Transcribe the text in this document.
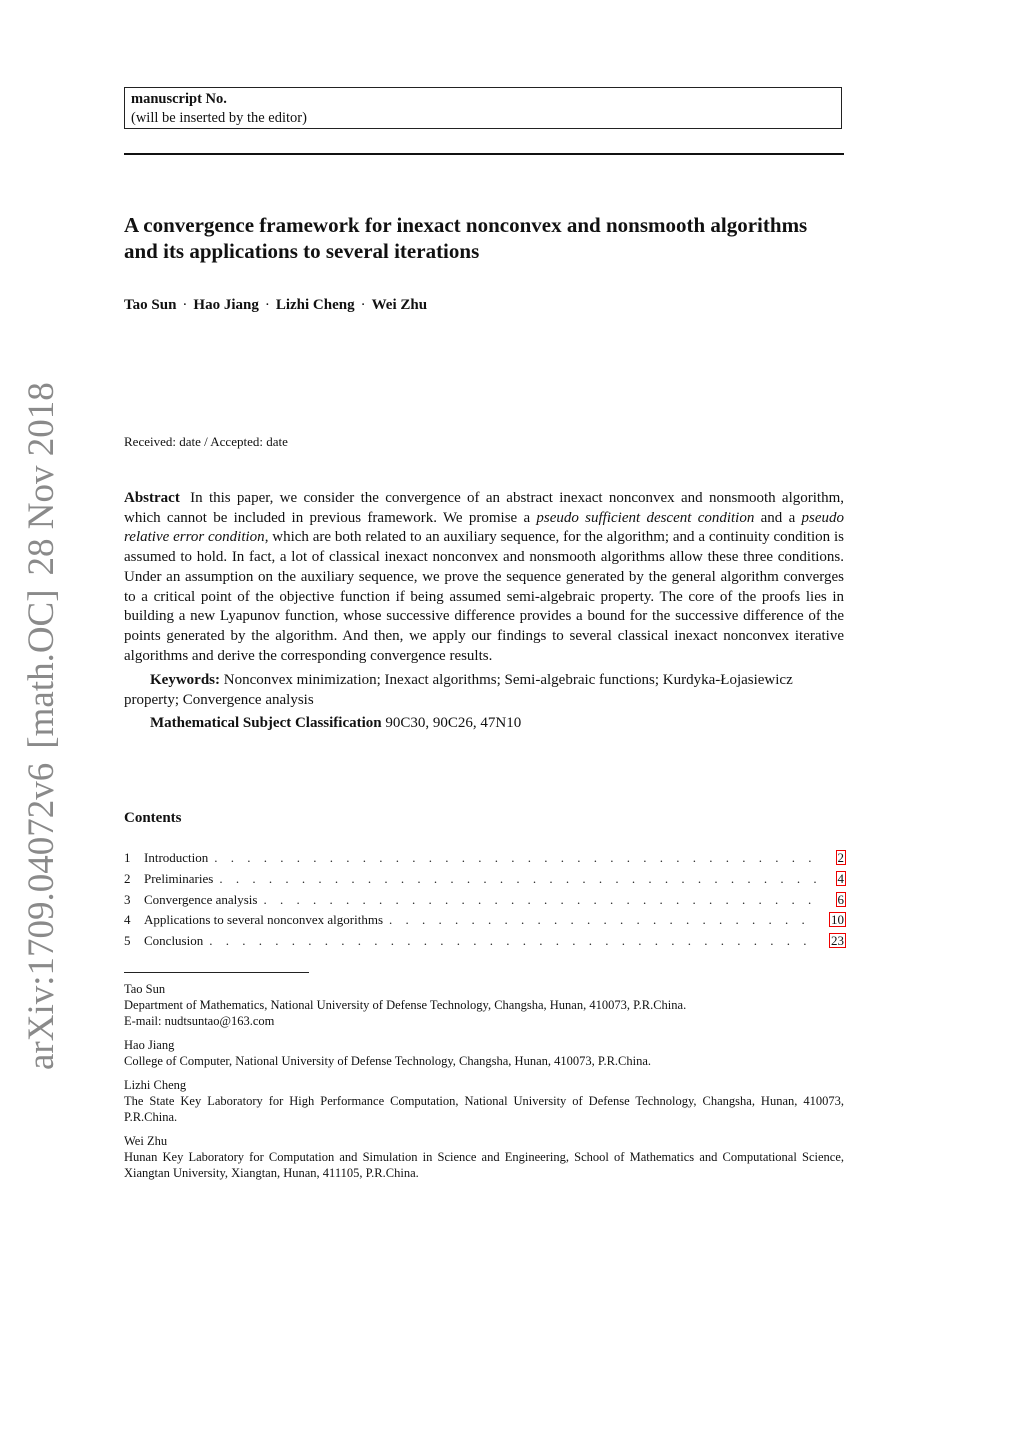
arXiv:1709.04072v6[math.OC]28 Nov 2018
manuscript No.
(will be inserted by the editor)
A convergence framework for inexact nonconvex and nonsmooth algorithms
and its applications to several iterations
Tao Sun · Hao Jiang · Lizhi Cheng · Wei Zhu
Received: date / Accepted: date
Abstract In this paper, we consider the convergence of an abstract inexact nonconvex and nonsmooth algorithm, which cannot be included in previous framework. We promise a pseudo sufficient descent condition and a pseudo relative error condition, which are both related to an auxiliary sequence, for the algorithm; and a continuity condition is assumed to hold. In fact, a lot of classical inexact nonconvex and nonsmooth algorithms allow these three conditions. Under an assumption on the auxiliary sequence, we prove the sequence generated by the general algorithm converges to a critical point of the objective function if being assumed semi-algebraic property. The core of the proofs lies in building a new Lyapunov function, whose successive difference provides a bound for the successive difference of the points generated by the algorithm. And then, we apply our findings to several classical inexact nonconvex iterative algorithms and derive the corresponding convergence results.
Keywords: Nonconvex minimization; Inexact algorithms; Semi-algebraic functions; Kurdyka-Łojasiewicz property; Convergence analysis
Mathematical Subject Classification 90C30, 90C26, 47N10
Contents
1	Introduction . . .	2
2	Preliminaries . . .	4
3	Convergence analysis . . .	6
4	Applications to several nonconvex algorithms . . .	10
5	Conclusion . . .	23
Tao Sun
Department of Mathematics, National University of Defense Technology, Changsha, Hunan, 410073, P.R.China.
E-mail: nudtsuntao@163.com
Hao Jiang
College of Computer, National University of Defense Technology, Changsha, Hunan, 410073, P.R.China.
Lizhi Cheng
The State Key Laboratory for High Performance Computation, National University of Defense Technology, Changsha, Hunan, 410073, P.R.China.
Wei Zhu
Hunan Key Laboratory for Computation and Simulation in Science and Engineering, School of Mathematics and Computational Science, Xiangtan University, Xiangtan, Hunan, 411105, P.R.China.
